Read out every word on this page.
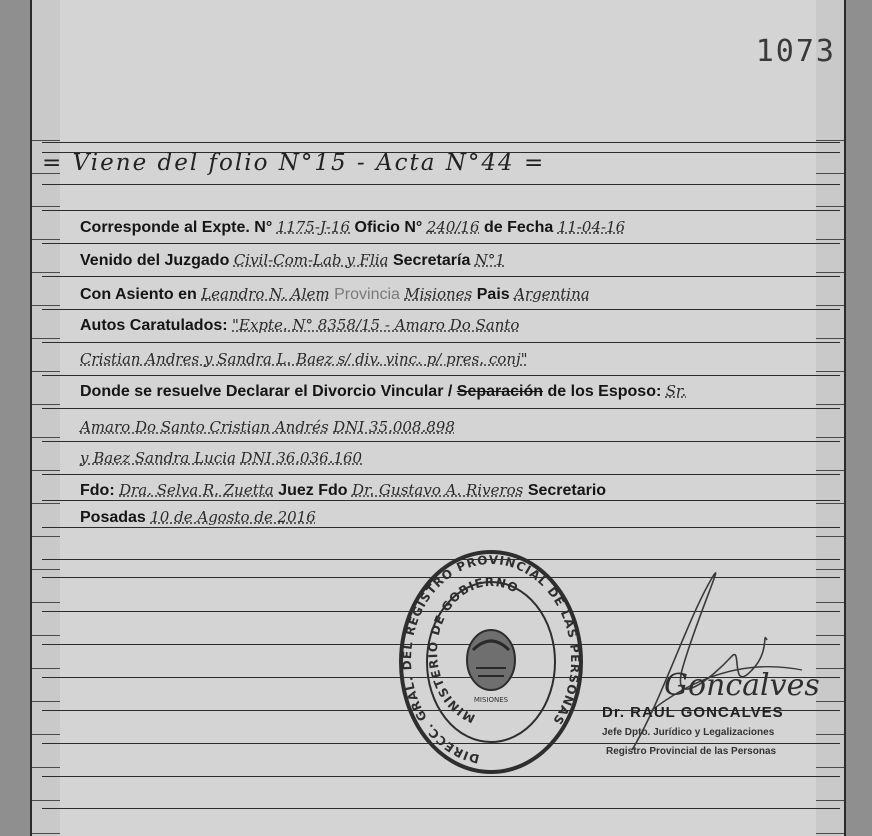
1073
= Viene del folio N°15 - Acta N°44 =
Corresponde al Expte. N° 1175-J-16 Oficio N° 240/16 de Fecha 11-04-16
Venido del Juzgado Civil-Com-Lab y Flia Secretaría N°1
Con Asiento en Leandro N. Alem Provincia Misiones Pais Argentina
Autos Caratulados: "Expte. N° 8358/15 - Amaro Do Santo
Cristian Andres y Sandra L. Baez s/ div. vinc. p/ pres. conj"
Donde se resuelve Declarar el Divorcio Vincular / Separación de los Esposo: Sr.
Amaro Do Santo Cristian Andrés DNI 35.008.898
y Baez Sandra Lucia DNI 36.036.160
Fdo: Dra. Selva R. Zuetta Juez Fdo Dr. Gustavo A. Riveros Secretario
Posadas 10 de Agosto de 2016
DIRECC. GRAL. DEL REGISTRO PROVINCIAL DE LAS PERSONAS
MINISTERIO DE GOBIERNO
MISIONES	Goncalves
Dr. RAUL GONCALVES
Jefe Dpto. Jurídico y Legalizaciones
Registro Provincial de las Personas
